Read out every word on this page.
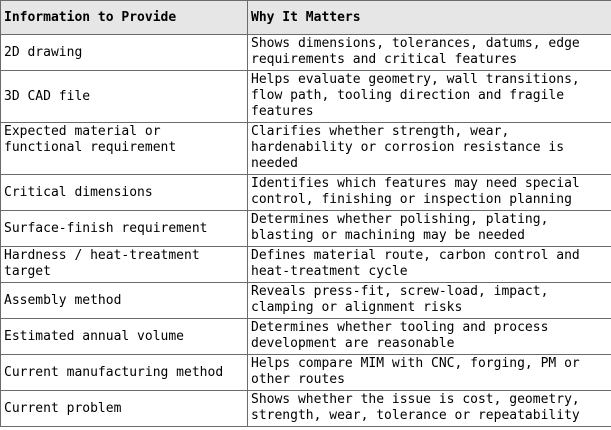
Information to Provide	Why It Matters
2D drawing	Shows dimensions, tolerances, datums, edge requirements and critical features
3D CAD file	Helps evaluate geometry, wall transitions, flow path, tooling direction and fragile features
Expected material or functional requirement	Clarifies whether strength, wear, hardenability or corrosion resistance is needed
Critical dimensions	Identifies which features may need special control, finishing or inspection planning
Surface-finish requirement	Determines whether polishing, plating, blasting or machining may be needed
Hardness / heat-treatment target	Defines material route, carbon control and heat-treatment cycle
Assembly method	Reveals press-fit, screw-load, impact, clamping or alignment risks
Estimated annual volume	Determines whether tooling and process development are reasonable
Current manufacturing method	Helps compare MIM with CNC, forging, PM or other routes
Current problem	Shows whether the issue is cost, geometry, strength, wear, tolerance or repeatability
